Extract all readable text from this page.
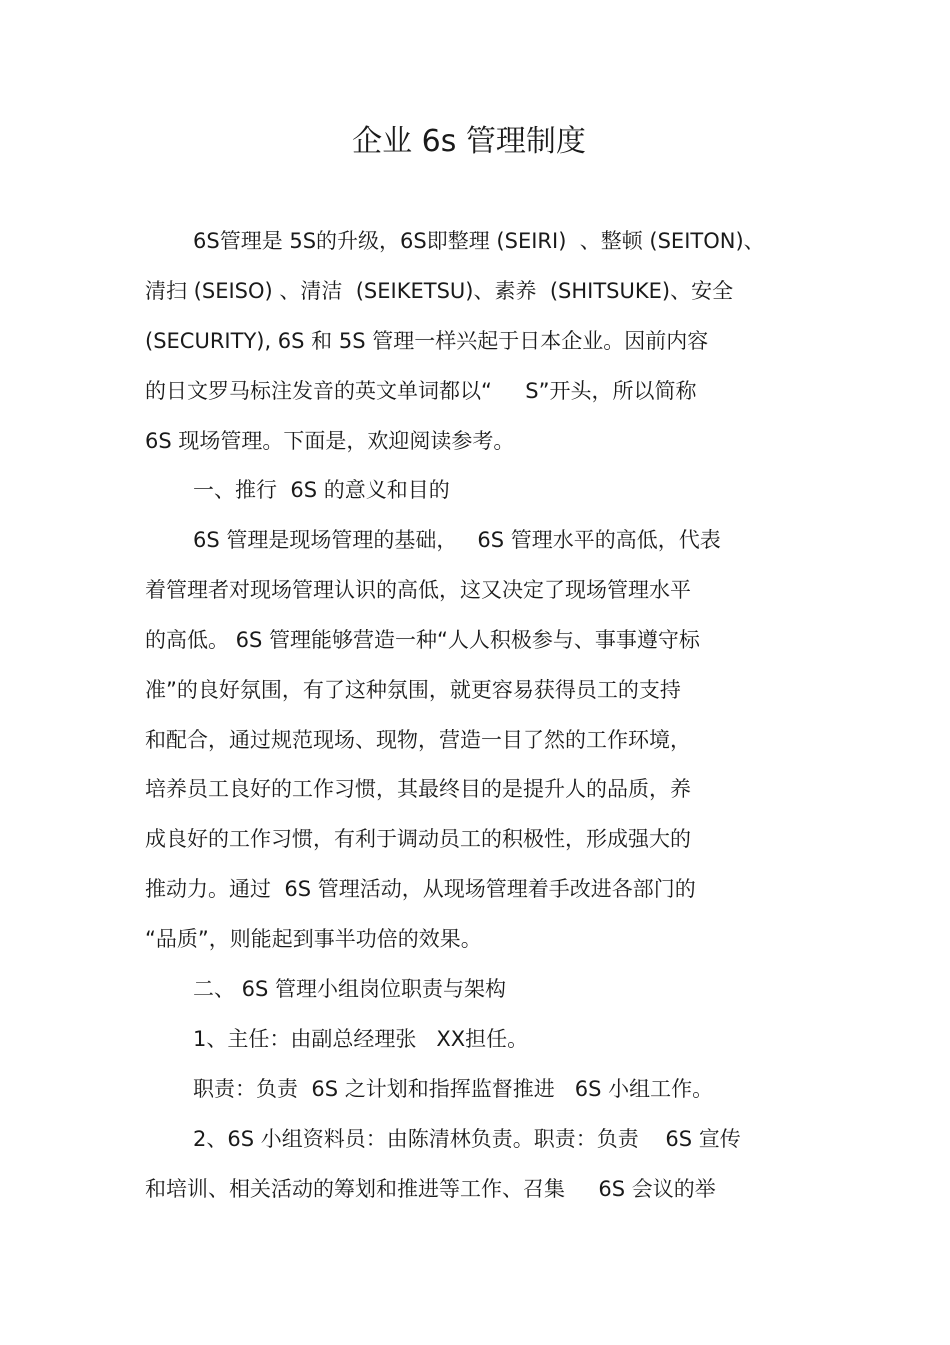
企业 6s 管理制度

6S管理是 5S的升级，6S即整理 (SEIRI)  、整顿 (SEITON)、

清扫 (SEISO) 、清洁  (SEIKETSU)、素养  (SHITSUKE)、安全

(SECURITY), 6S 和 5S 管理一样兴起于日本企业。因前内容

的日文罗马标注发音的英文单词都以“     S”开头，所以简称

6S 现场管理。下面是，欢迎阅读参考。

一、推行  6S 的意义和目的

6S 管理是现场管理的基础，   6S 管理水平的高低，代表

着管理者对现场管理认识的高低，这又决定了现场管理水平

的高低。 6S 管理能够营造一种“人人积极参与、事事遵守标

准”的良好氛围，有了这种氛围，就更容易获得员工的支持

和配合，通过规范现场、现物，营造一目了然的工作环境，

培养员工良好的工作习惯，其最终目的是提升人的品质，养

成良好的工作习惯，有利于调动员工的积极性，形成强大的

推动力。通过  6S 管理活动，从现场管理着手改进各部门的

“品质”，则能起到事半功倍的效果。

二、 6S 管理小组岗位职责与架构

1、主任：由副总经理张   XX担任。

职责：负责  6S 之计划和指挥监督推进   6S 小组工作。

2、6S 小组资料员：由陈清林负责。职责：负责    6S 宣传

和培训、相关活动的筹划和推进等工作、召集     6S 会议的举
